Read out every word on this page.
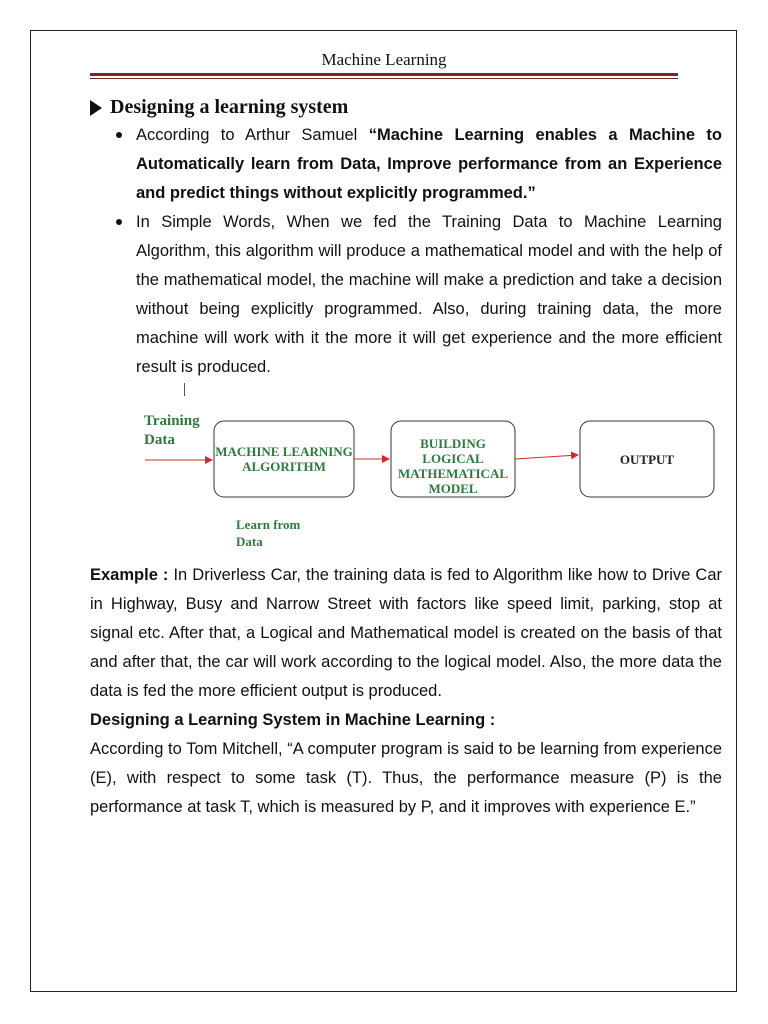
Machine Learning
Designing a learning system
According to Arthur Samuel “Machine Learning enables a Machine to Automatically learn from Data, Improve performance from an Experience and predict things without explicitly programmed.”
In Simple Words, When we fed the Training Data to Machine Learning Algorithm, this algorithm will produce a mathematical model and with the help of the mathematical model, the machine will make a prediction and take a decision without being explicitly programmed. Also, during training data, the more machine will work with it the more it will get experience and the more efficient result is produced.
Training
Data
MACHINE LEARNING
ALGORITHM
BUILDING LOGICAL
MATHEMATICAL
MODEL
OUTPUT
Learn from
Data

Example : In Driverless Car, the training data is fed to Algorithm like how to Drive Car in Highway, Busy and Narrow Street with factors like speed limit, parking, stop at signal etc. After that, a Logical and Mathematical model is created on the basis of that and after that, the car will work according to the logical model. Also, the more data the data is fed the more efficient output is produced.

Designing a Learning System in Machine Learning :

According to Tom Mitchell, “A computer program is said to be learning from experience (E), with respect to some task (T). Thus, the performance measure (P) is the performance at task T, which is measured by P, and it improves with experience E.”
